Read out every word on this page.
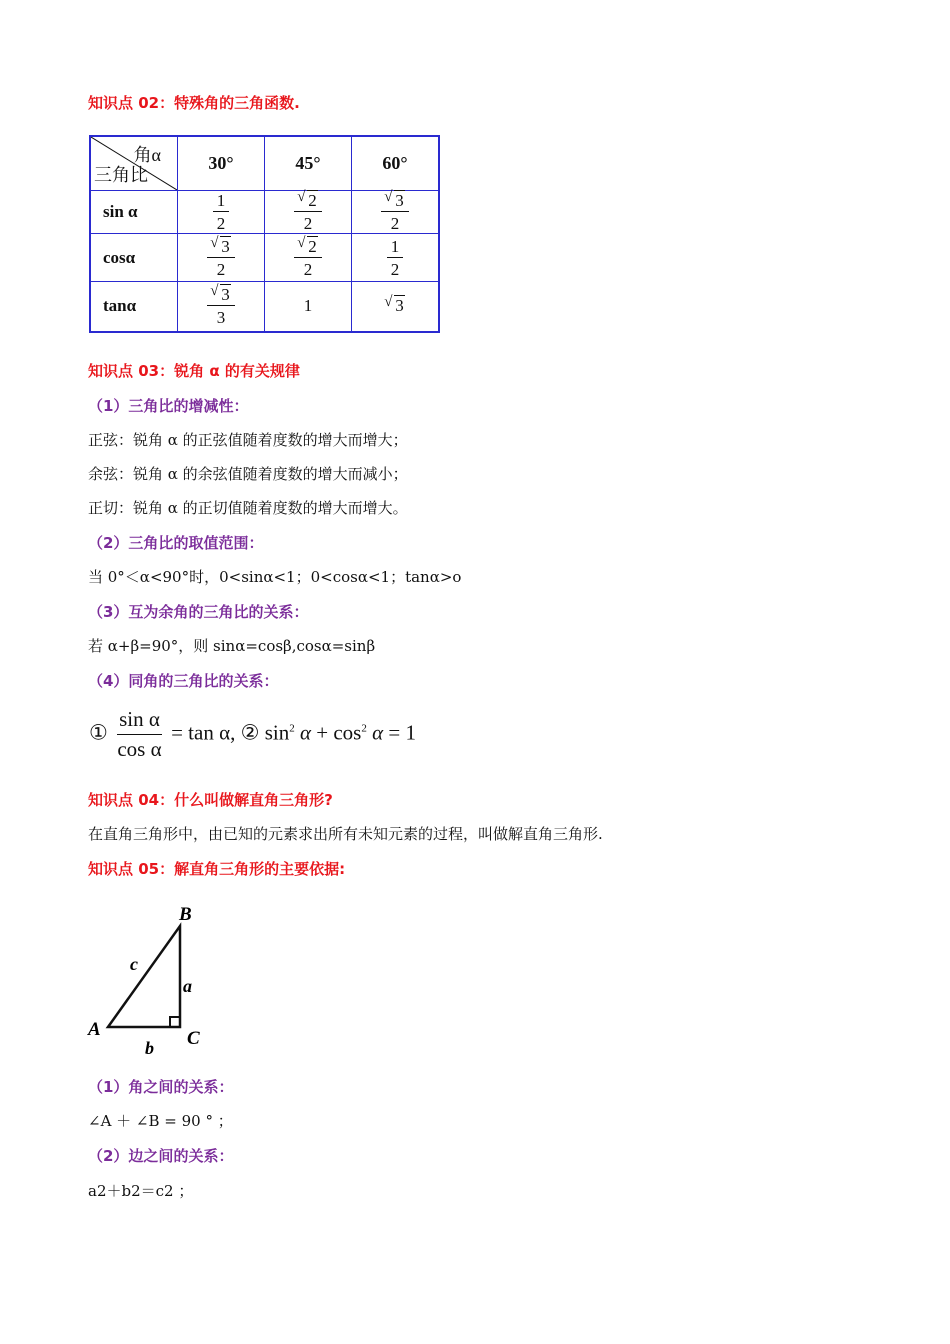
知识点 02：特殊角的三角函数.
角α
三角比	30°	45°	60°
sin α	$\frac{1}{2}$	√ $\frac{2}{2}$	√ $\frac{3}{2}$

cosα	√ $\frac{3}{2}$	√ $\frac{2}{2}$	$\frac{1}{2}$

tanα	√ $\frac{3}{3}$	1	√ 3
知识点 03：锐角 α 的有关规律
（1）三角比的增减性：
正弦：锐角 α 的正弦值随着度数的增大而增大；
余弦：锐角 α 的余弦值随着度数的增大而减小；
正切：锐角 α 的正切值随着度数的增大而增大。
（2）三角比的取值范围：
当 0°＜α<90°时，0<sinα<1；0<cosα<1；tanα>o
（3）互为余角的三角比的关系：
若 α+β=90°，则 sinα=cosβ,cosα=sinβ
（4）同角的三角比的关系：
① $\frac{\text{sin α}}{\text{cos α}} = \tan \alpha$, ② $\sin^2 \alpha + \cos^2 \alpha = 1$
知识点 04：什么叫做解直角三角形?
在直角三角形中，由已知的元素求出所有未知元素的过程，叫做解直角三角形.
知识点 05：解直角三角形的主要依据:
B
A	C
a
b
c
（1）角之间的关系：
∠A ＋ ∠B = 90 ° ；
（2）边之间的关系：
a2＋b2＝c2 ；
